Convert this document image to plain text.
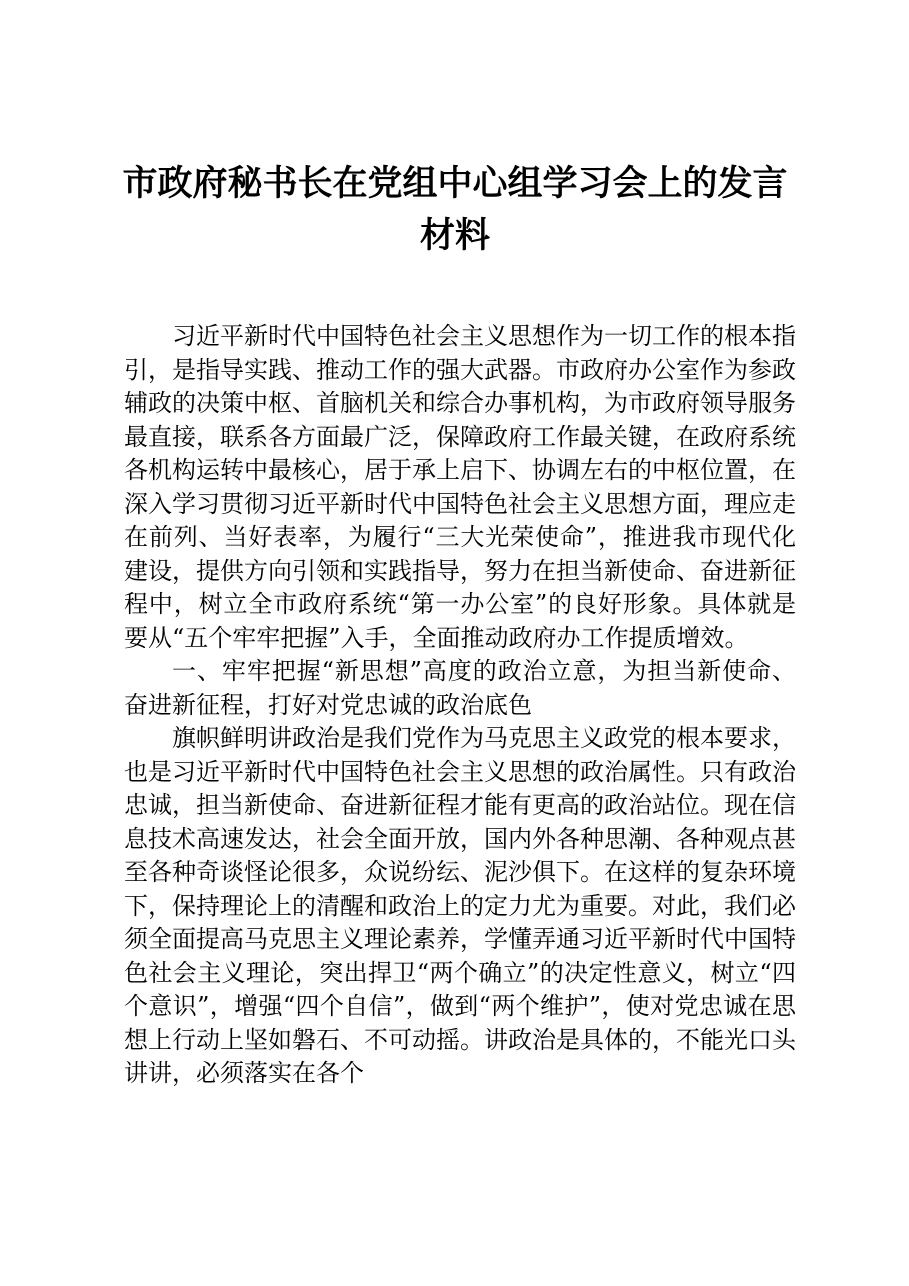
市政府秘书长在党组中心组学习会上的发言材料

习近平新时代中国特色社会主义思想作为一切工作的根本指引，是指导实践、推动工作的强大武器。市政府办公室作为参政辅政的决策中枢、首脑机关和综合办事机构，为市政府领导服务最直接，联系各方面最广泛，保障政府工作最关键，在政府系统各机构运转中最核心，居于承上启下、协调左右的中枢位置，在深入学习贯彻习近平新时代中国特色社会主义思想方面，理应走在前列、当好表率，为履行“三大光荣使命”，推进我市现代化建设，提供方向引领和实践指导，努力在担当新使命、奋进新征程中，树立全市政府系统“第一办公室”的良好形象。具体就是要从“五个牢牢把握”入手，全面推动政府办工作提质增效。

一、牢牢把握“新思想”高度的政治立意，为担当新使命、奋进新征程，打好对党忠诚的政治底色

旗帜鲜明讲政治是我们党作为马克思主义政党的根本要求，也是习近平新时代中国特色社会主义思想的政治属性。只有政治忠诚，担当新使命、奋进新征程才能有更高的政治站位。现在信息技术高速发达，社会全面开放，国内外各种思潮、各种观点甚至各种奇谈怪论很多，众说纷纭、泥沙俱下。在这样的复杂环境下，保持理论上的清醒和政治上的定力尤为重要。对此，我们必须全面提高马克思主义理论素养，学懂弄通习近平新时代中国特色社会主义理论，突出捍卫“两个确立”的决定性意义，树立“四个意识”，增强“四个自信”，做到“两个维护”，使对党忠诚在思想上行动上坚如磐石、不可动摇。讲政治是具体的，不能光口头讲讲，必须落实在各个
